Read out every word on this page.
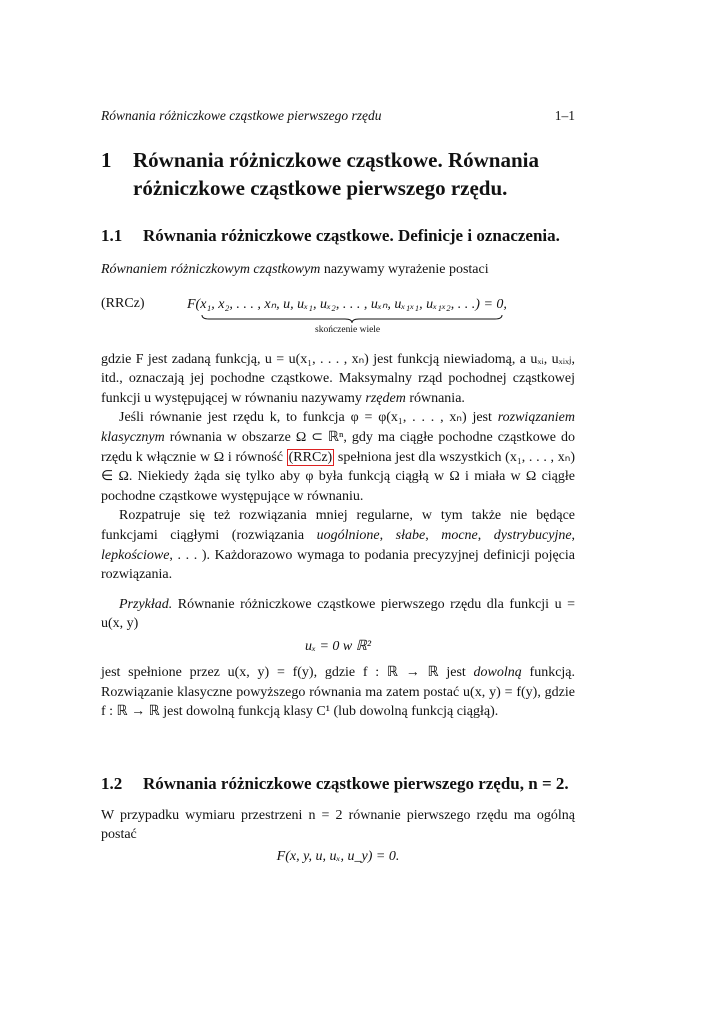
Równania różniczkowe cząstkowe pierwszego rzędu	1–1
1	Równania różniczkowe cząstkowe. Równania różniczkowe cząstkowe pierwszego rzędu.
1.1	Równania różniczkowe cząstkowe. Definicje i oznaczenia.

Równaniem różniczkowym cząstkowym nazywamy wyrażenie postaci

(RRCz)	F(x₁, x₂, . . . , xₙ, u, uₓ₁, uₓ₂, . . . , uₓₙ, uₓ₁ₓ₁, uₓ₁ₓ₂, . . .) = 0,
skończenie wiele

gdzie F jest zadaną funkcją, u = u(x₁, . . . , xₙ) jest funkcją niewiadomą, a uₓᵢ, uₓᵢₓⱼ, itd., oznaczają jej pochodne cząstkowe. Maksymalny rząd pochodnej cząstkowej funkcji u występującej w równaniu nazywamy rzędem równania.

Jeśli równanie jest rzędu k, to funkcja φ = φ(x₁, . . . , xₙ) jest rozwiązaniem klasycznym równania w obszarze Ω ⊂ ℝⁿ, gdy ma ciągłe pochodne cząstkowe do rzędu k włącznie w Ω i równość (RRCz) spełniona jest dla wszystkich (x₁, . . . , xₙ) ∈ Ω. Niekiedy żąda się tylko aby φ była funkcją ciągłą w Ω i miała w Ω ciągłe pochodne cząstkowe występujące w równaniu.

Rozpatruje się też rozwiązania mniej regularne, w tym także nie będące funkcjami ciągłymi (rozwiązania uogólnione, słabe, mocne, dystrybucyjne, lepkościowe, . . . ). Każdorazowo wymaga to podania precyzyjnej definicji pojęcia rozwiązania.

Przykład. Równanie różniczkowe cząstkowe pierwszego rzędu dla funkcji u = u(x, y)

uₓ = 0 w ℝ²

jest spełnione przez u(x, y) = f(y), gdzie f : ℝ → ℝ jest dowolną funkcją. Rozwiązanie klasyczne powyższego równania ma zatem postać u(x, y) = f(y), gdzie f : ℝ → ℝ jest dowolną funkcją klasy C¹ (lub dowolną funkcją ciągłą).

1.2	Równania różniczkowe cząstkowe pierwszego rzędu, n = 2.

W przypadku wymiaru przestrzeni n = 2 równanie pierwszego rzędu ma ogólną postać

F(x, y, u, uₓ, u_y) = 0.
